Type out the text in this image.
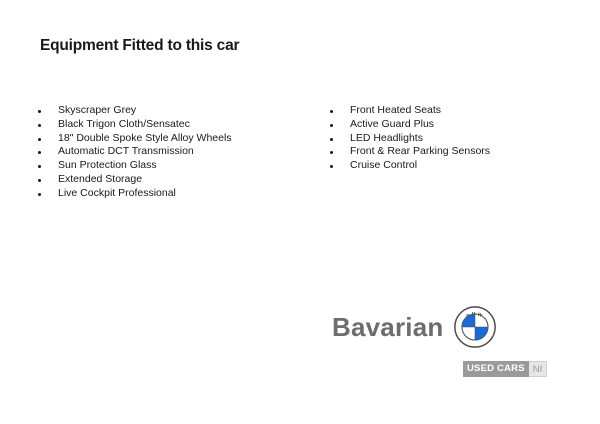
Equipment Fitted to this car
Skyscraper Grey
Black Trigon Cloth/Sensatec
18" Double Spoke Style Alloy Wheels
Automatic DCT Transmission
Sun Protection Glass
Extended Storage
Live Cockpit Professional
Front Heated Seats
Active Guard Plus
LED Headlights
Front & Rear Parking Sensors
Cruise Control
Bavarian BMW
USED CARS NI
